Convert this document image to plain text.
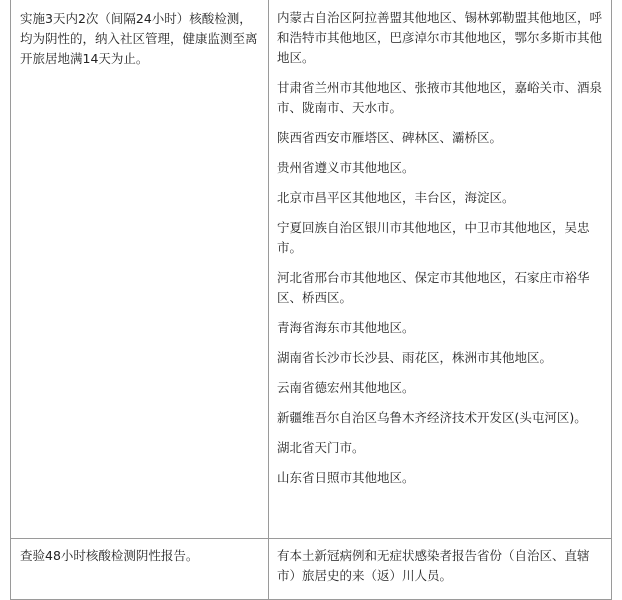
实施3天内2次（间隔24小时）核酸检测，均为阴性的，纳入社区管理，健康监测至离开旅居地满14天为止。

内蒙古自治区阿拉善盟其他地区、锡林郭勒盟其他地区，呼和浩特市其他地区，巴彦淖尔市其他地区，鄂尔多斯市其他地区。

甘肃省兰州市其他地区、张掖市其他地区，嘉峪关市、酒泉市、陇南市、天水市。

陕西省西安市雁塔区、碑林区、灞桥区。

贵州省遵义市其他地区。

北京市昌平区其他地区，丰台区，海淀区。

宁夏回族自治区银川市其他地区，中卫市其他地区，吴忠市。

河北省邢台市其他地区、保定市其他地区，石家庄市裕华区、桥西区。

青海省海东市其他地区。

湖南省长沙市长沙县、雨花区，株洲市其他地区。

云南省德宏州其他地区。

新疆维吾尔自治区乌鲁木齐经济技术开发区(头屯河区)。

湖北省天门市。

山东省日照市其他地区。

查验48小时核酸检测阴性报告。	有本土新冠病例和无症状感染者报告省份（自治区、直辖市）旅居史的来（返）川人员。
